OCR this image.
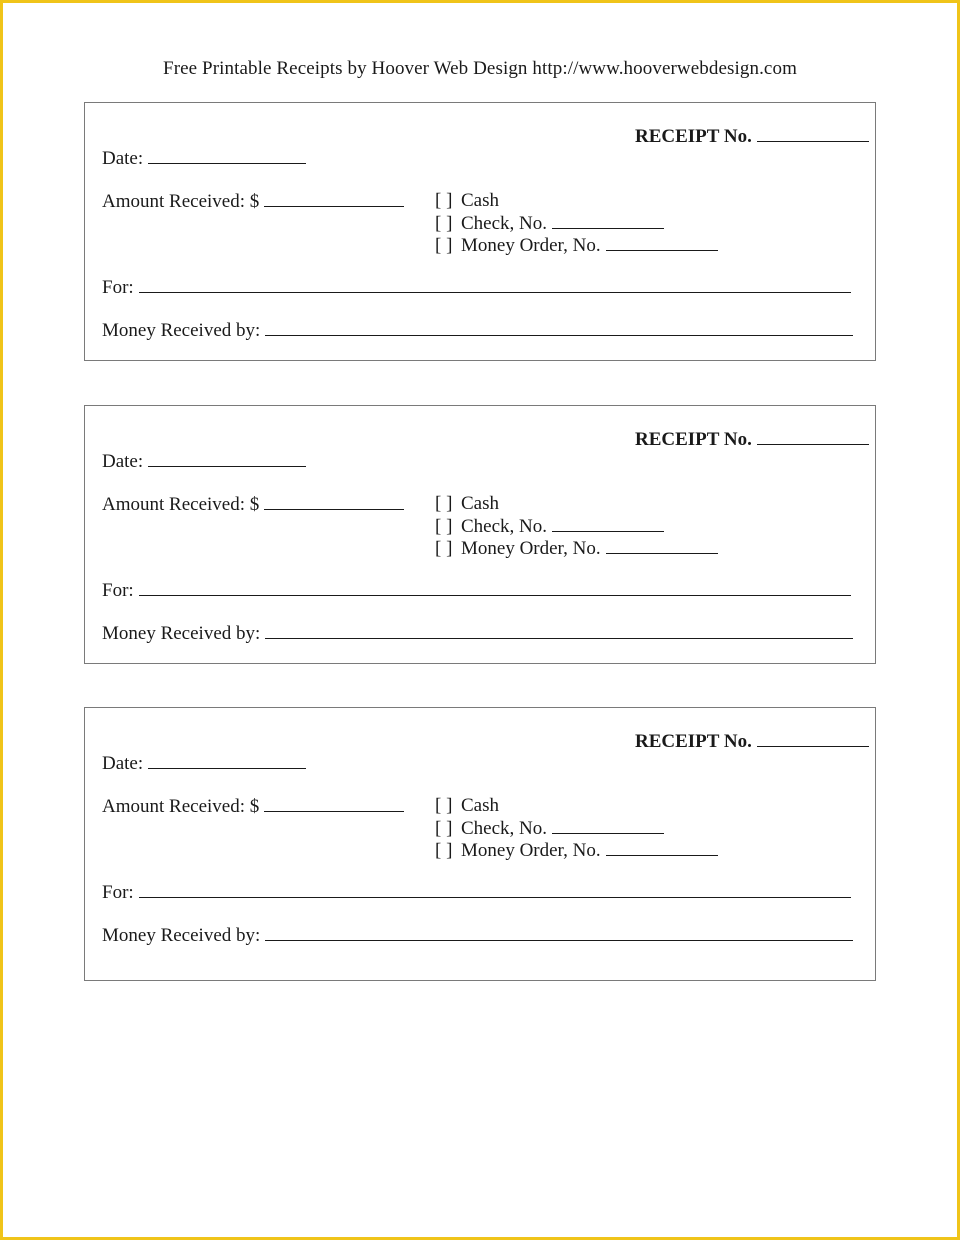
Free Printable Receipts by Hoover Web Design http://www.hooverwebdesign.com
RECEIPT No.
Date:
Amount Received: $	[ ] Cash
[ ] Check, No.
[ ] Money Order, No.
For:
Money Received by:
RECEIPT No.
Date:
Amount Received: $	[ ] Cash
[ ] Check, No.
[ ] Money Order, No.
For:
Money Received by:
RECEIPT No.
Date:
Amount Received: $	[ ] Cash
[ ] Check, No.
[ ] Money Order, No.
For:
Money Received by:
